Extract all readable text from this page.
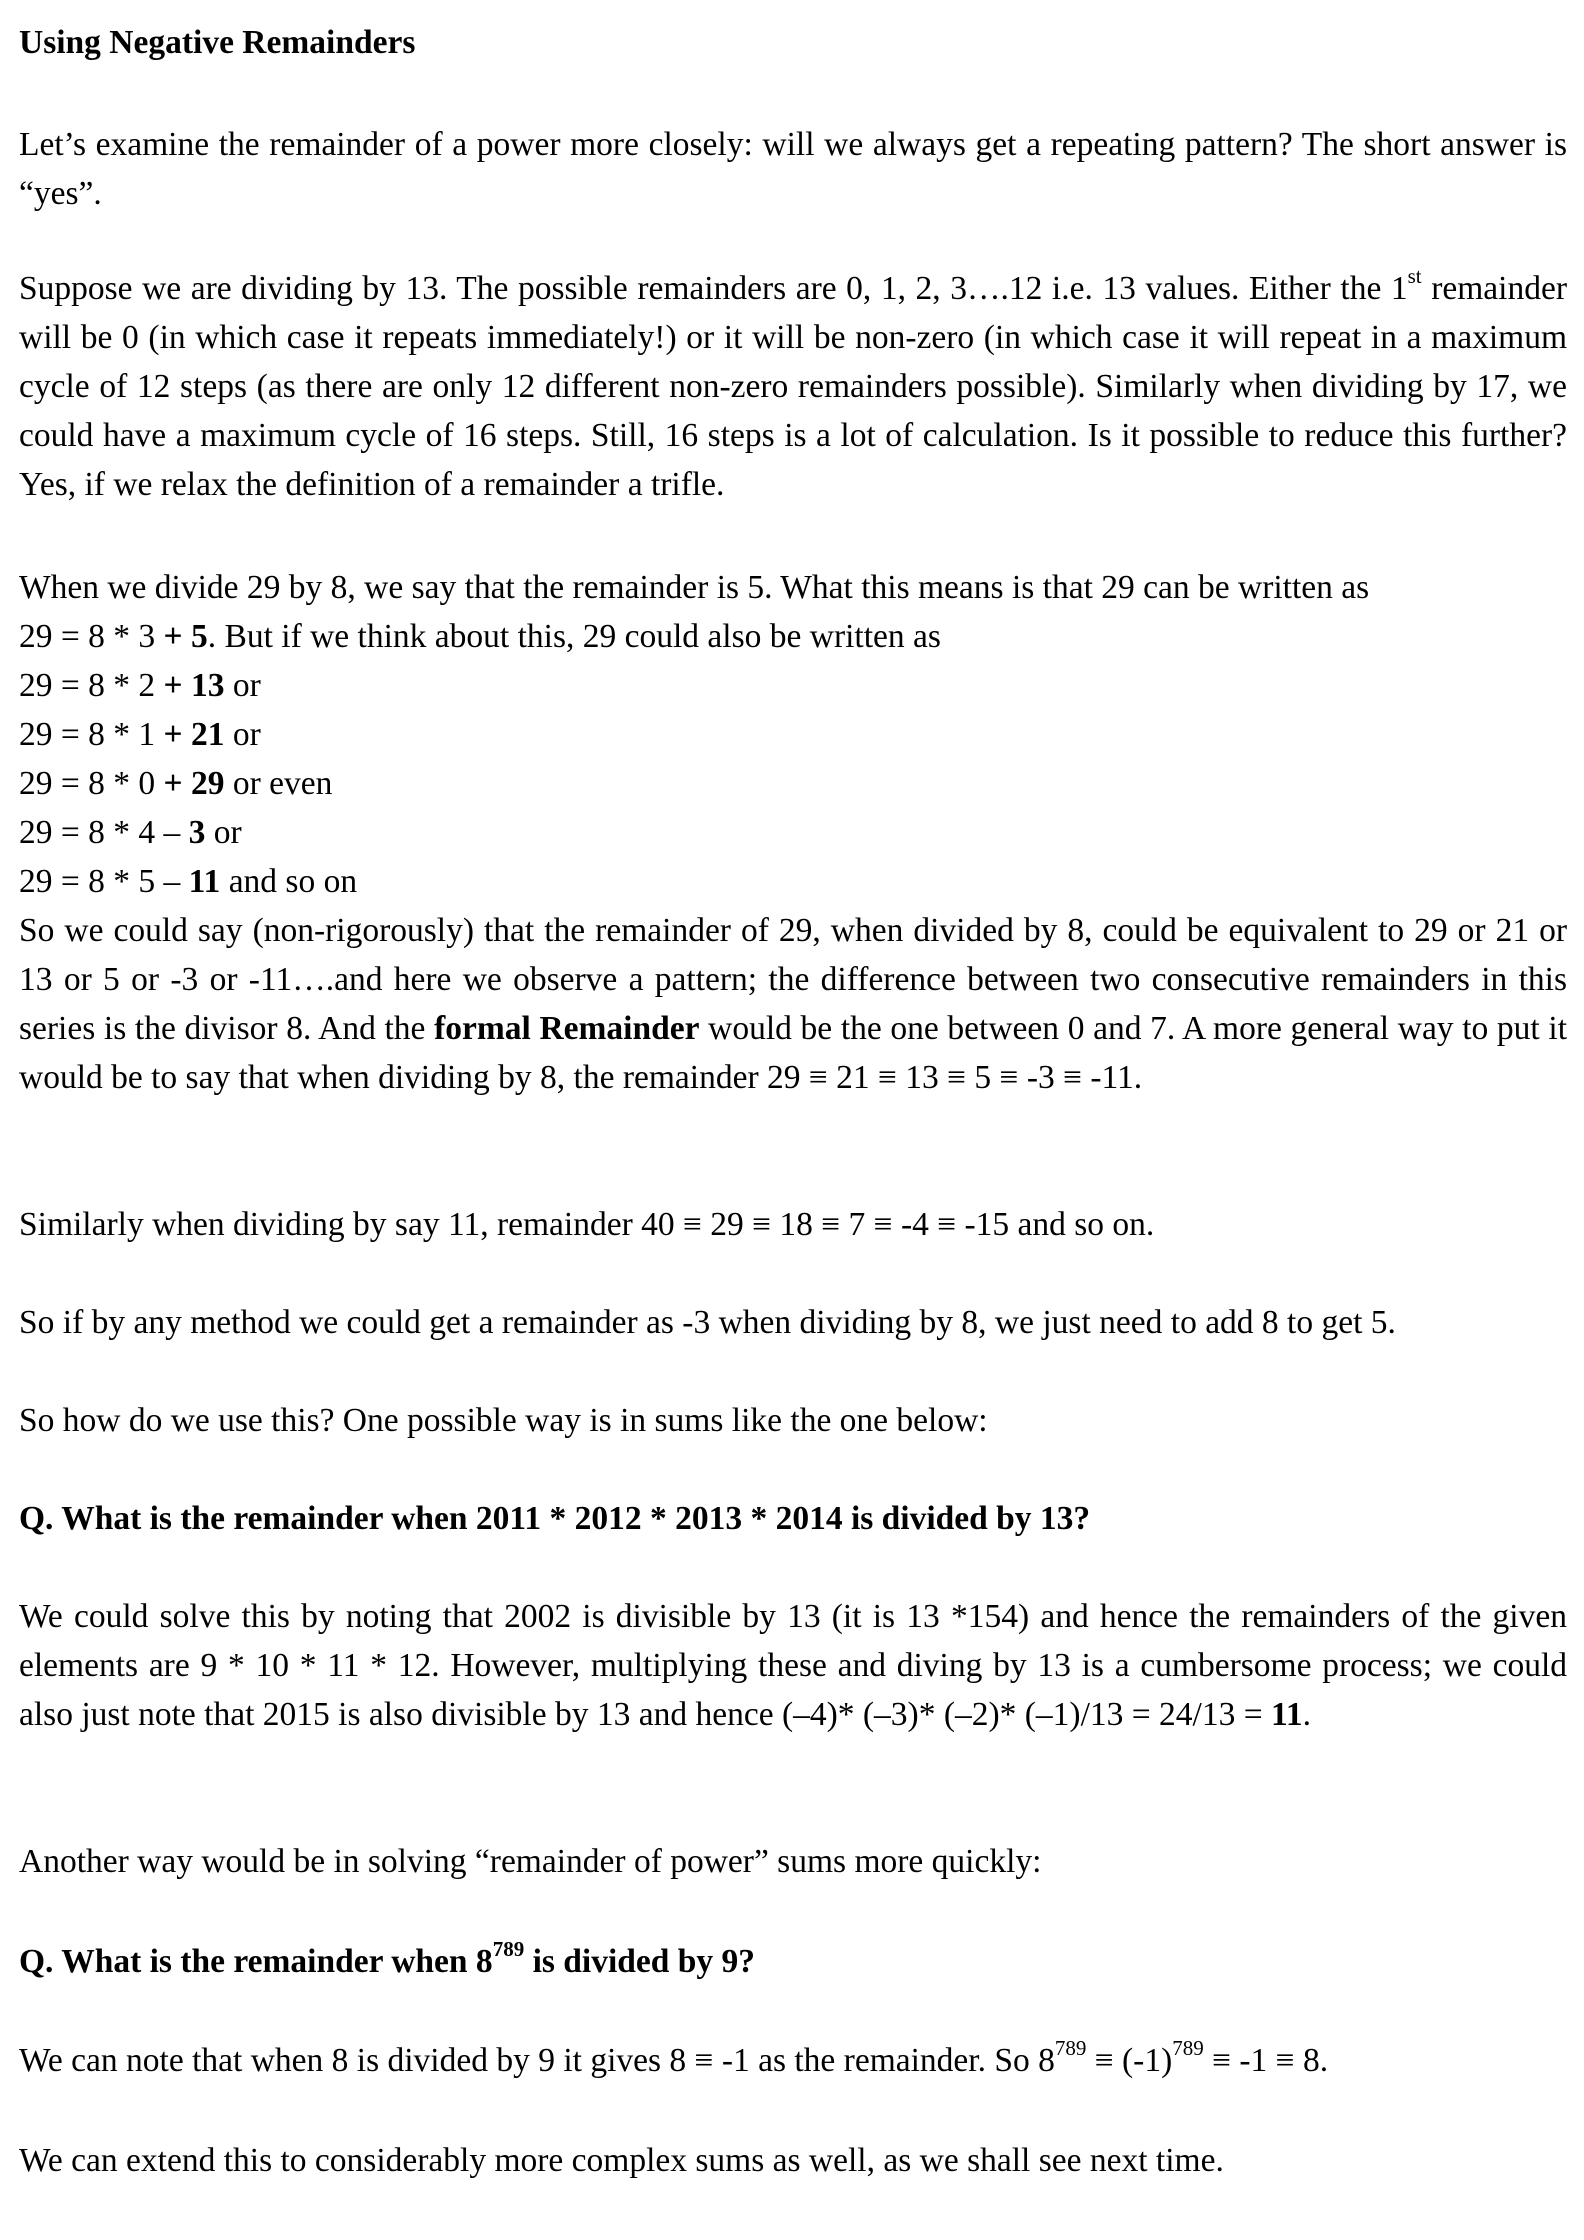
Using Negative Remainders

Let’s examine the remainder of a power more closely: will we always get a repeating pattern? The short answer is “yes”.

Suppose we are dividing by 13. The possible remainders are 0, 1, 2, 3….12 i.e. 13 values. Either the 1st remainder will be 0 (in which case it repeats immediately!) or it will be non-zero (in which case it will repeat in a maximum cycle of 12 steps (as there are only 12 different non-zero remainders possible). Similarly when dividing by 17, we could have a maximum cycle of 16 steps. Still, 16 steps is a lot of calculation. Is it possible to reduce this further? Yes, if we relax the definition of a remainder a trifle.

When we divide 29 by 8, we say that the remainder is 5. What this means is that 29 can be written as

29 = 8 * 3 + 5. But if we think about this, 29 could also be written as

29 = 8 * 2 + 13 or

29 = 8 * 1 + 21 or

29 = 8 * 0 + 29 or even

29 = 8 * 4 – 3 or

29 = 8 * 5 – 11 and so on

So we could say (non-rigorously) that the remainder of 29, when divided by 8, could be equivalent to 29 or 21 or 13 or 5 or -3 or -11….and here we observe a pattern; the difference between two consecutive remainders in this series is the divisor 8. And the formal Remainder would be the one between 0 and 7. A more general way to put it would be to say that when dividing by 8, the remainder 29 ≡ 21 ≡ 13 ≡ 5 ≡ -3 ≡ -11.

Similarly when dividing by say 11, remainder 40 ≡ 29 ≡ 18 ≡ 7 ≡ -4 ≡ -15 and so on.

So if by any method we could get a remainder as -3 when dividing by 8, we just need to add 8 to get 5.

So how do we use this? One possible way is in sums like the one below:

Q. What is the remainder when 2011 * 2012 * 2013 * 2014 is divided by 13?

We could solve this by noting that 2002 is divisible by 13 (it is 13 *154) and hence the remainders of the given elements are 9 * 10 * 11 * 12. However, multiplying these and diving by 13 is a cumbersome process; we could also just note that 2015 is also divisible by 13 and hence (–4)* (–3)* (–2)* (–1)/13 = 24/13 = 11.

Another way would be in solving “remainder of power” sums more quickly:

Q. What is the remainder when $8^{789}$ is divided by 9?

We can note that when 8 is divided by 9 it gives 8 ≡ -1 as the remainder. So $8^{789} \equiv (-1)^{789} \equiv -1 \equiv 8$.

We can extend this to considerably more complex sums as well, as we shall see next time.
